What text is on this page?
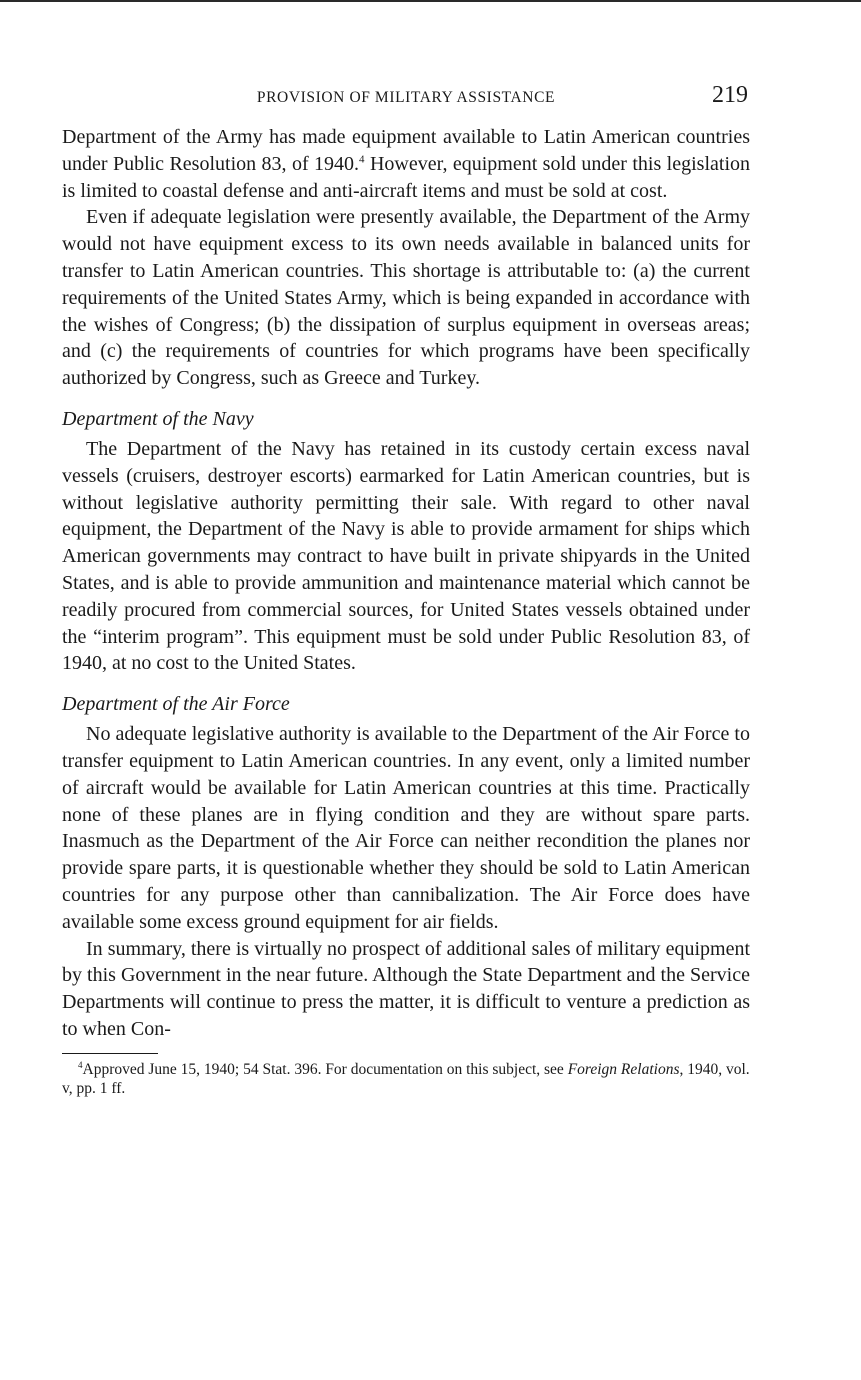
PROVISION OF MILITARY ASSISTANCE	219

Department of the Army has made equipment available to Latin American countries under Public Resolution 83, of 1940.$^4$ However, equipment sold under this legislation is limited to coastal defense and anti-aircraft items and must be sold at cost.

Even if adequate legislation were presently available, the Department of the Army would not have equipment excess to its own needs available in balanced units for transfer to Latin American countries. This shortage is attributable to: (a) the current requirements of the United States Army, which is being expanded in accordance with the wishes of Congress; (b) the dissipation of surplus equipment in overseas areas; and (c) the requirements of countries for which programs have been specifically authorized by Congress, such as Greece and Turkey.

Department of the Navy

The Department of the Navy has retained in its custody certain excess naval vessels (cruisers, destroyer escorts) earmarked for Latin American countries, but is without legislative authority permitting their sale. With regard to other naval equipment, the Department of the Navy is able to provide armament for ships which American governments may contract to have built in private shipyards in the United States, and is able to provide ammunition and maintenance material which cannot be readily procured from commercial sources, for United States vessels obtained under the “interim program”. This equipment must be sold under Public Resolution 83, of 1940, at no cost to the United States.

Department of the Air Force

No adequate legislative authority is available to the Department of the Air Force to transfer equipment to Latin American countries. In any event, only a limited number of aircraft would be available for Latin American countries at this time. Practically none of these planes are in flying condition and they are without spare parts. Inasmuch as the Department of the Air Force can neither recondition the planes nor provide spare parts, it is questionable whether they should be sold to Latin American countries for any purpose other than cannibalization. The Air Force does have available some excess ground equipment for air fields.

In summary, there is virtually no prospect of additional sales of military equipment by this Government in the near future. Although the State Department and the Service Departments will continue to press the matter, it is difficult to venture a prediction as to when Con-

$^4$Approved June 15, 1940; 54 Stat. 396. For documentation on this subject, see Foreign Relations, 1940, vol. v, pp. 1 ff.
